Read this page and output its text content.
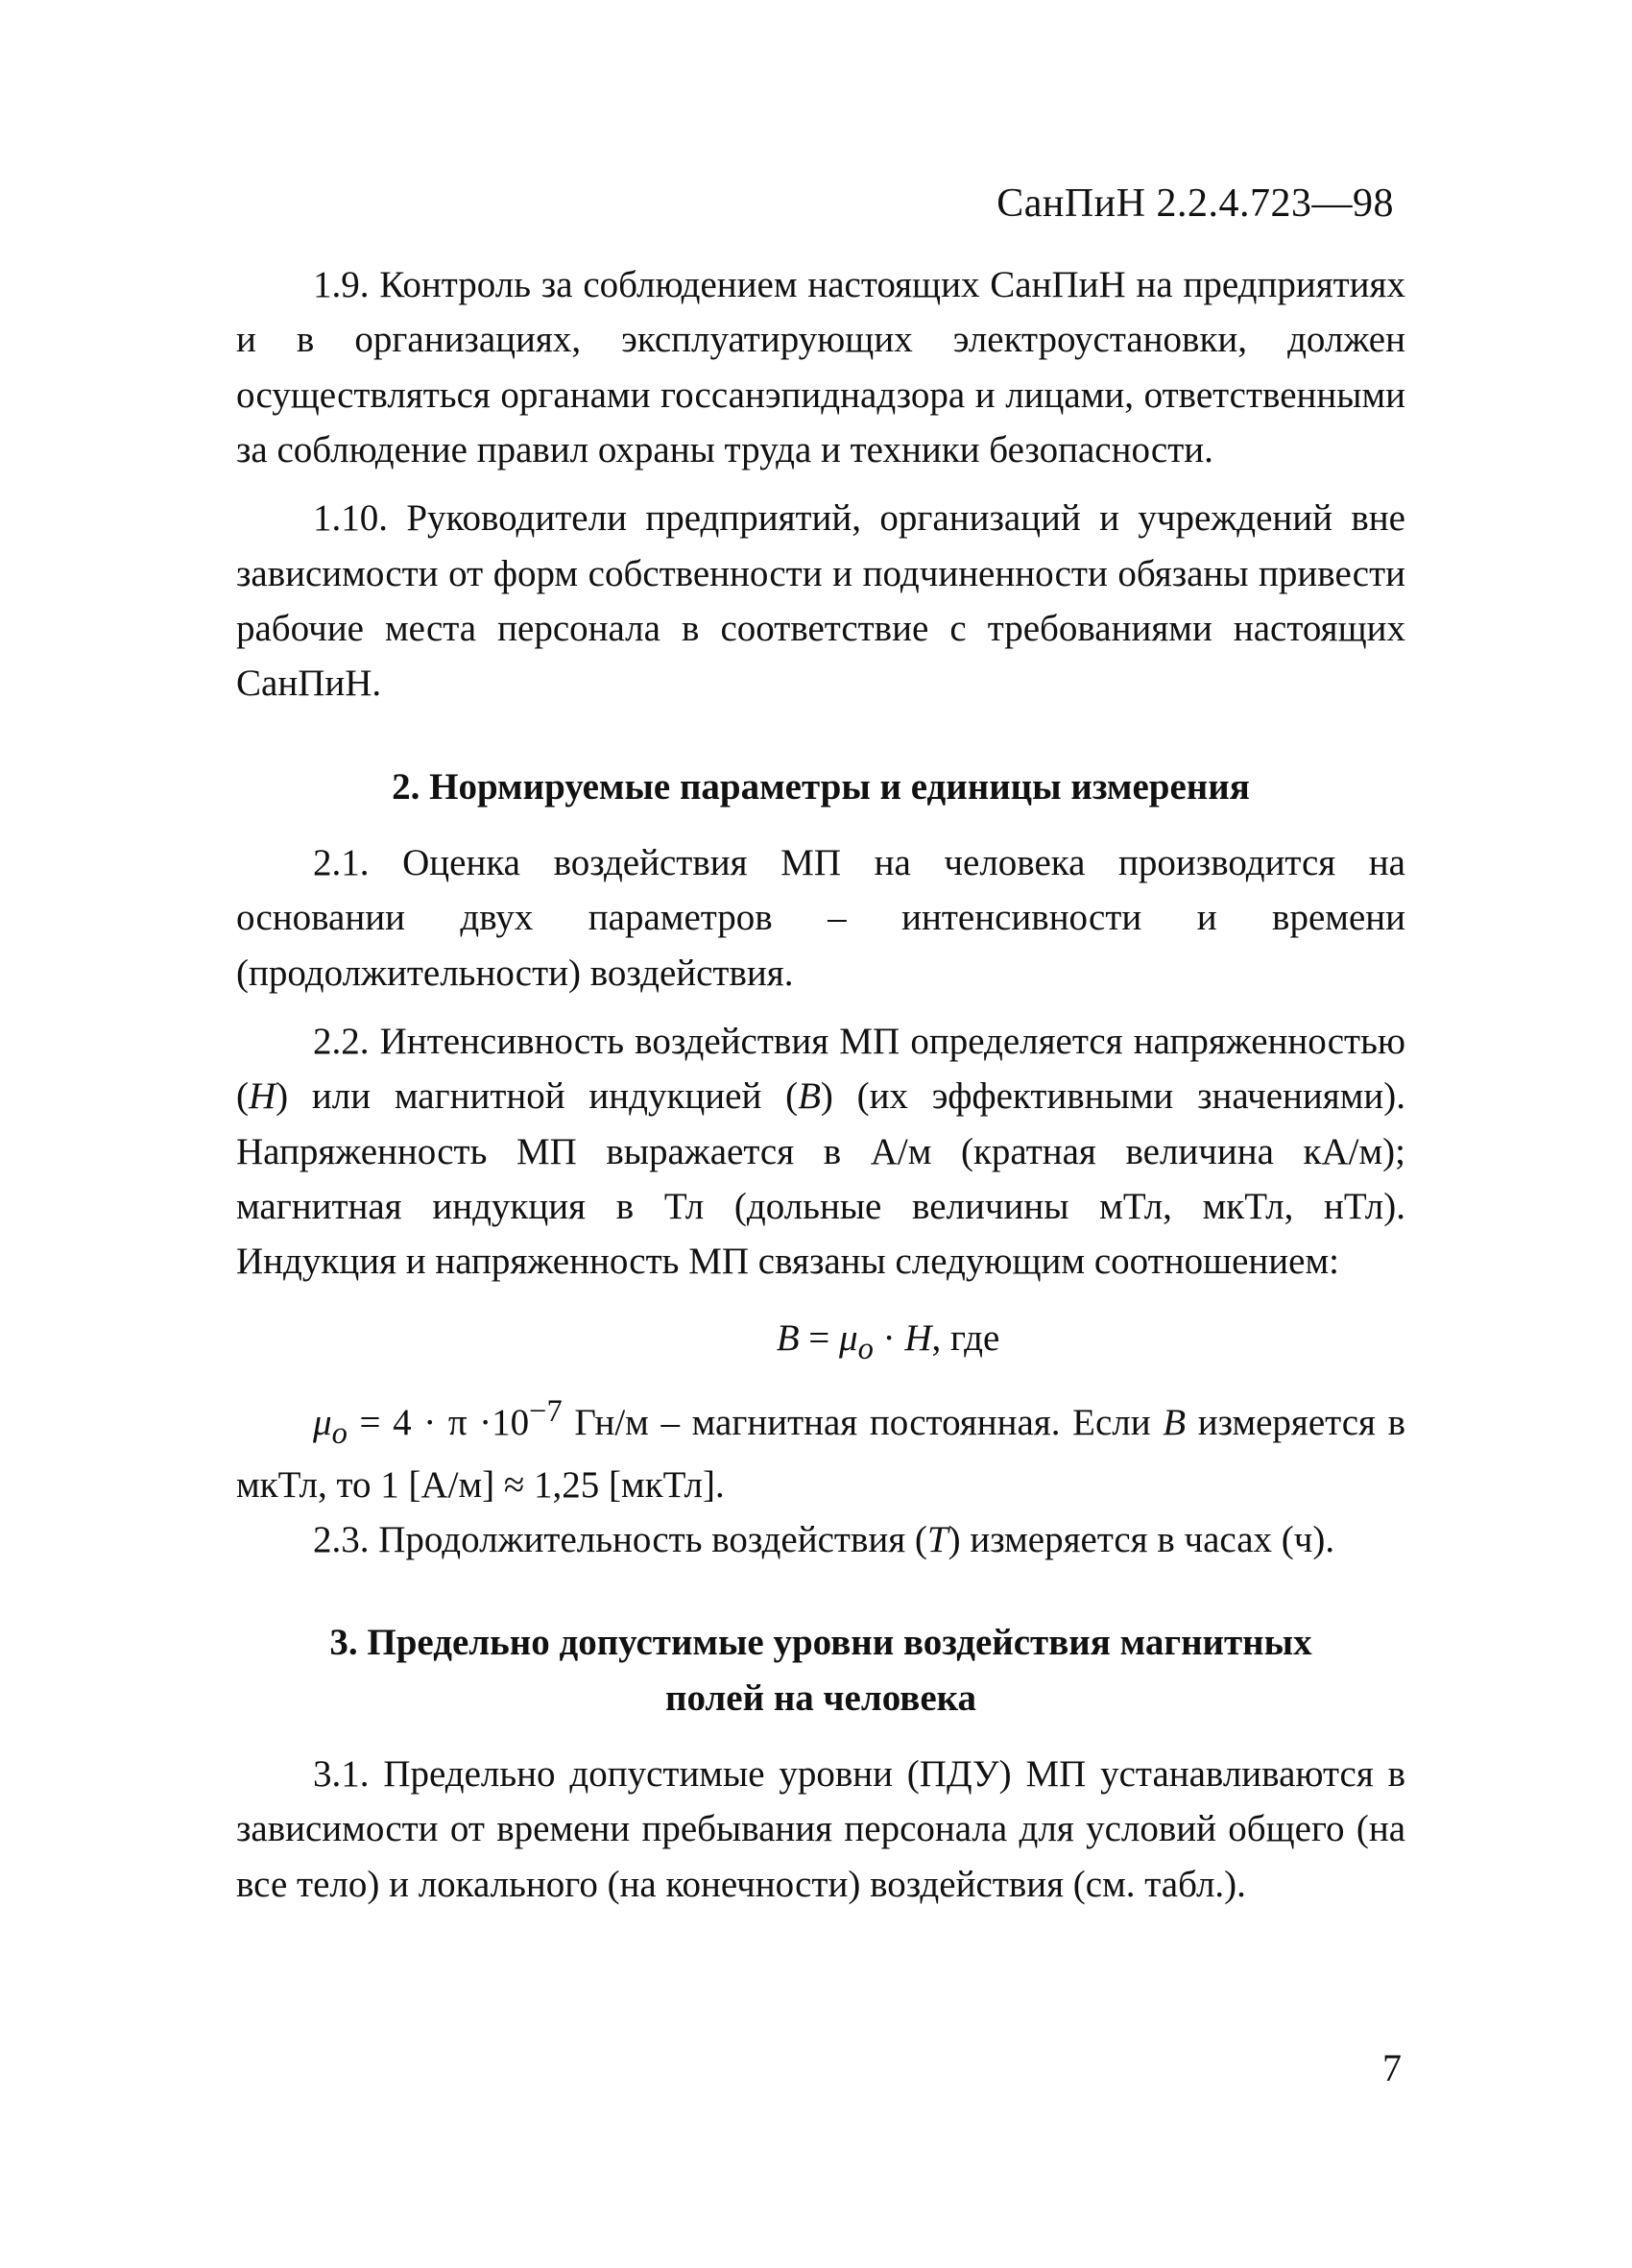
СанПиН 2.2.4.723—98

1.9. Контроль за соблюдением настоящих СанПиН на предприятиях и в организациях, эксплуатирующих электроустановки, должен осуществляться органами госсанэпиднадзора и лицами, ответственными за соблюдение правил охраны труда и техники безопасности.

1.10. Руководители предприятий, организаций и учреждений вне зависимости от форм собственности и подчиненности обязаны привести рабочие места персонала в соответствие с требованиями настоящих СанПиН.

2. Нормируемые параметры и единицы измерения

2.1. Оценка воздействия МП на человека производится на основании двух параметров – интенсивности и времени (продолжительности) воздействия.

2.2. Интенсивность воздействия МП определяется напряженностью (Н) или магнитной индукцией (В) (их эффективными значениями). Напряженность МП выражается в А/м (кратная величина кА/м); магнитная индукция в Тл (дольные величины мТл, мкТл, нТл). Индукция и напряженность МП связаны следующим соотношением:

$B = \mu_o \cdot H$, где

$\mu_o = 4 \cdot \pi \cdot 10^{-7}$ Гн/м – магнитная постоянная. Если В измеряется в мкТл, то 1 [А/м] ≈ 1,25 [мкТл].

2.3. Продолжительность воздействия (Т) измеряется в часах (ч).

3. Предельно допустимые уровни воздействия магнитных
полей на человека

3.1. Предельно допустимые уровни (ПДУ) МП устанавливаются в зависимости от времени пребывания персонала для условий общего (на все тело) и локального (на конечности) воздействия (см. табл.).

7
